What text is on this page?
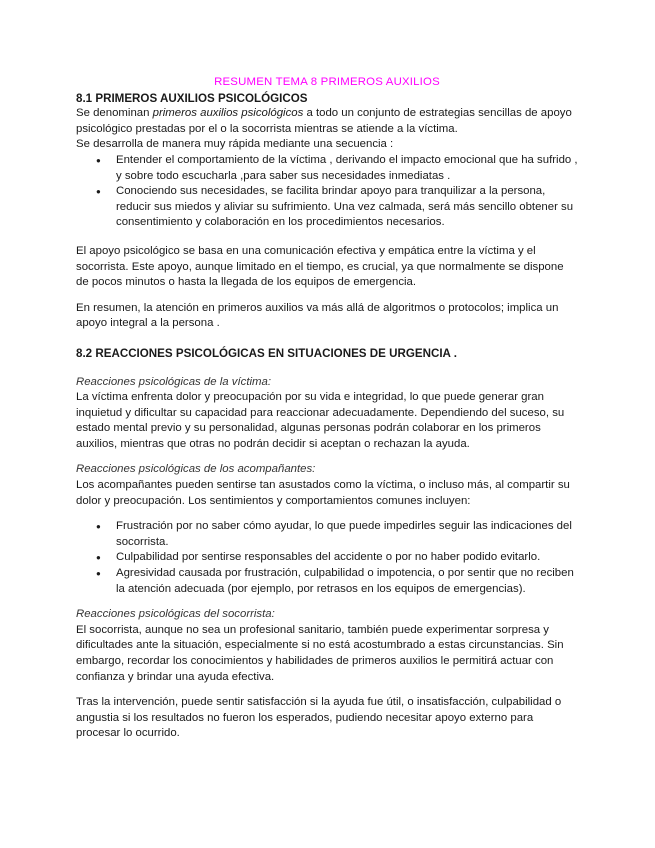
RESUMEN TEMA 8 PRIMEROS AUXILIOS

8.1 PRIMEROS AUXILIOS PSICOLÓGICOS

Se denominan primeros auxilios psicológicos a todo un conjunto de estrategias sencillas de apoyo psicológico prestadas por el o la socorrista mientras se atiende a la víctima.

Se desarrolla de manera muy rápida mediante una secuencia :

● Entender el comportamiento de la víctima , derivando el impacto emocional que ha sufrido , y sobre todo escucharla ,para saber sus necesidades inmediatas .
● Conociendo sus necesidades, se facilita brindar apoyo para tranquilizar a la persona, reducir sus miedos y aliviar su sufrimiento. Una vez calmada, será más sencillo obtener su consentimiento y colaboración en los procedimientos necesarios.

El apoyo psicológico se basa en una comunicación efectiva y empática entre la víctima y el socorrista. Este apoyo, aunque limitado en el tiempo, es crucial, ya que normalmente se dispone de pocos minutos o hasta la llegada de los equipos de emergencia.

En resumen, la atención en primeros auxilios va más allá de algoritmos o protocolos; implica un apoyo integral a la persona .

8.2 REACCIONES PSICOLÓGICAS EN SITUACIONES DE URGENCIA .

Reacciones psicológicas de la víctima:

La víctima enfrenta dolor y preocupación por su vida e integridad, lo que puede generar gran inquietud y dificultar su capacidad para reaccionar adecuadamente. Dependiendo del suceso, su estado mental previo y su personalidad, algunas personas podrán colaborar en los primeros auxilios, mientras que otras no podrán decidir si aceptan o rechazan la ayuda.

Reacciones psicológicas de los acompañantes:

Los acompañantes pueden sentirse tan asustados como la víctima, o incluso más, al compartir su dolor y preocupación. Los sentimientos y comportamientos comunes incluyen:

● Frustración por no saber cómo ayudar, lo que puede impedirles seguir las indicaciones del socorrista.
● Culpabilidad por sentirse responsables del accidente o por no haber podido evitarlo.
● Agresividad causada por frustración, culpabilidad o impotencia, o por sentir que no reciben la atención adecuada (por ejemplo, por retrasos en los equipos de emergencias).

Reacciones psicológicas del socorrista:

El socorrista, aunque no sea un profesional sanitario, también puede experimentar sorpresa y dificultades ante la situación, especialmente si no está acostumbrado a estas circunstancias. Sin embargo, recordar los conocimientos y habilidades de primeros auxilios le permitirá actuar con confianza y brindar una ayuda efectiva.

Tras la intervención, puede sentir satisfacción si la ayuda fue útil, o insatisfacción, culpabilidad o angustia si los resultados no fueron los esperados, pudiendo necesitar apoyo externo para procesar lo ocurrido.
